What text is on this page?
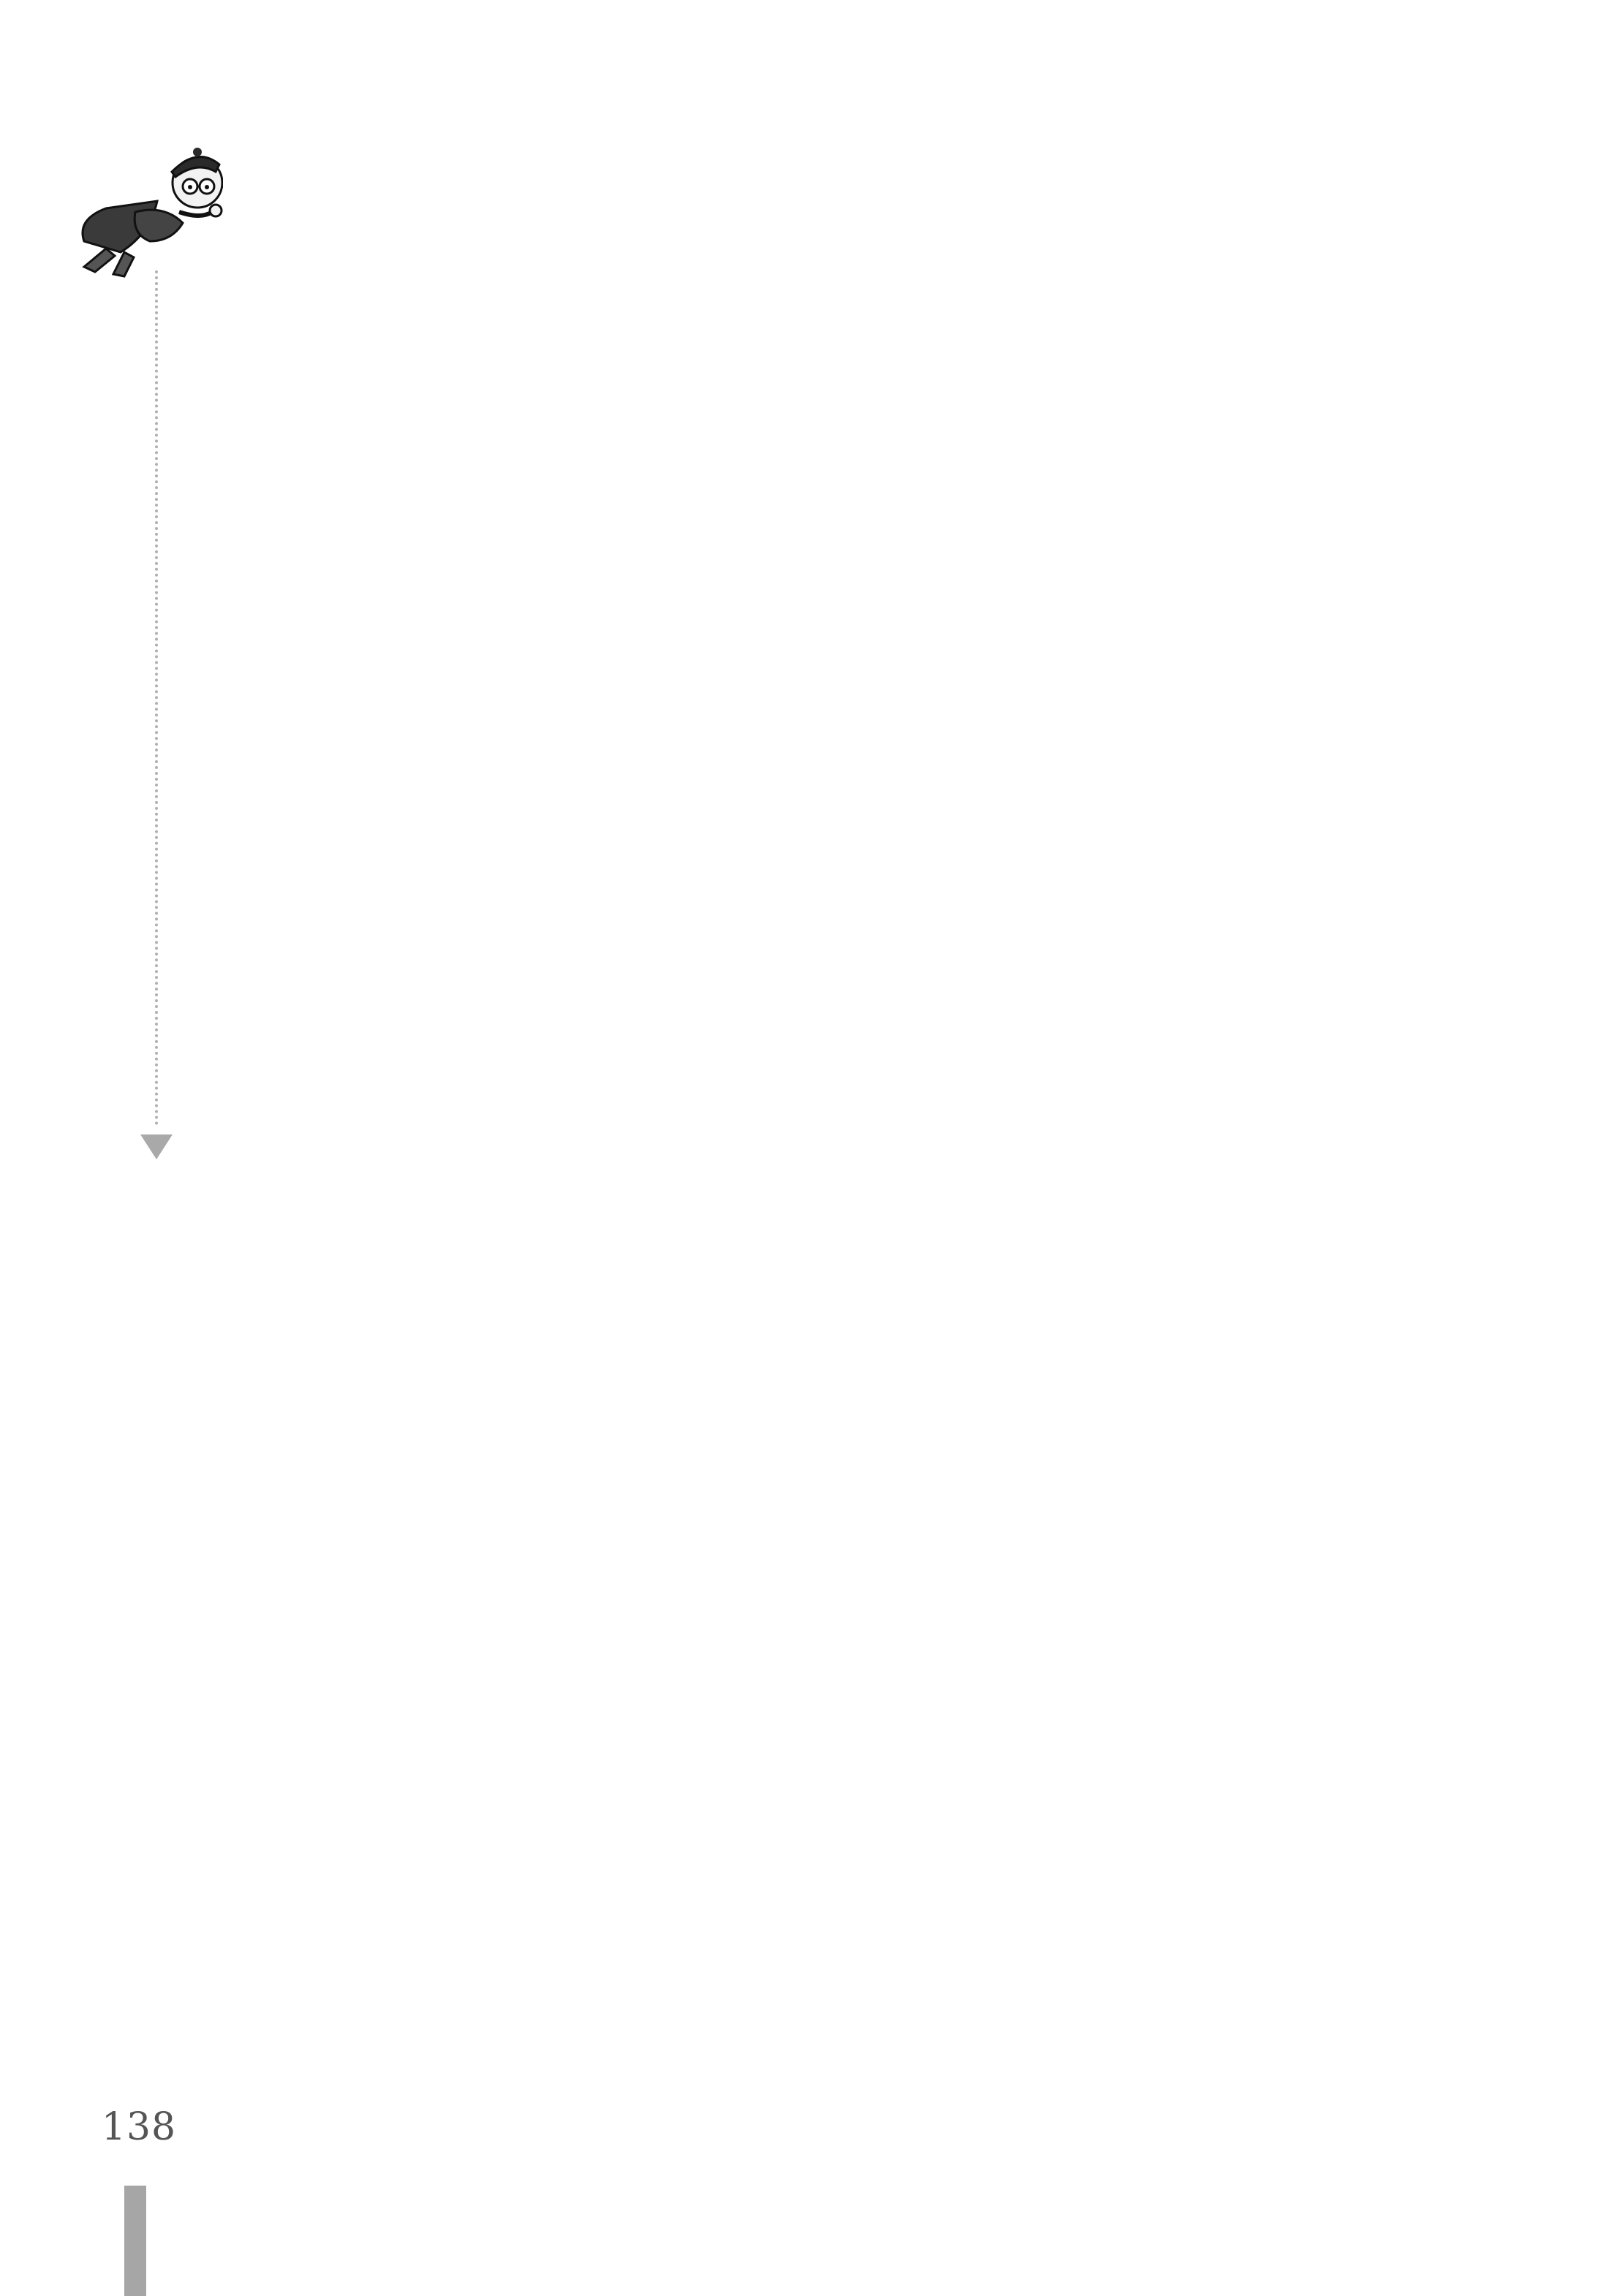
138
